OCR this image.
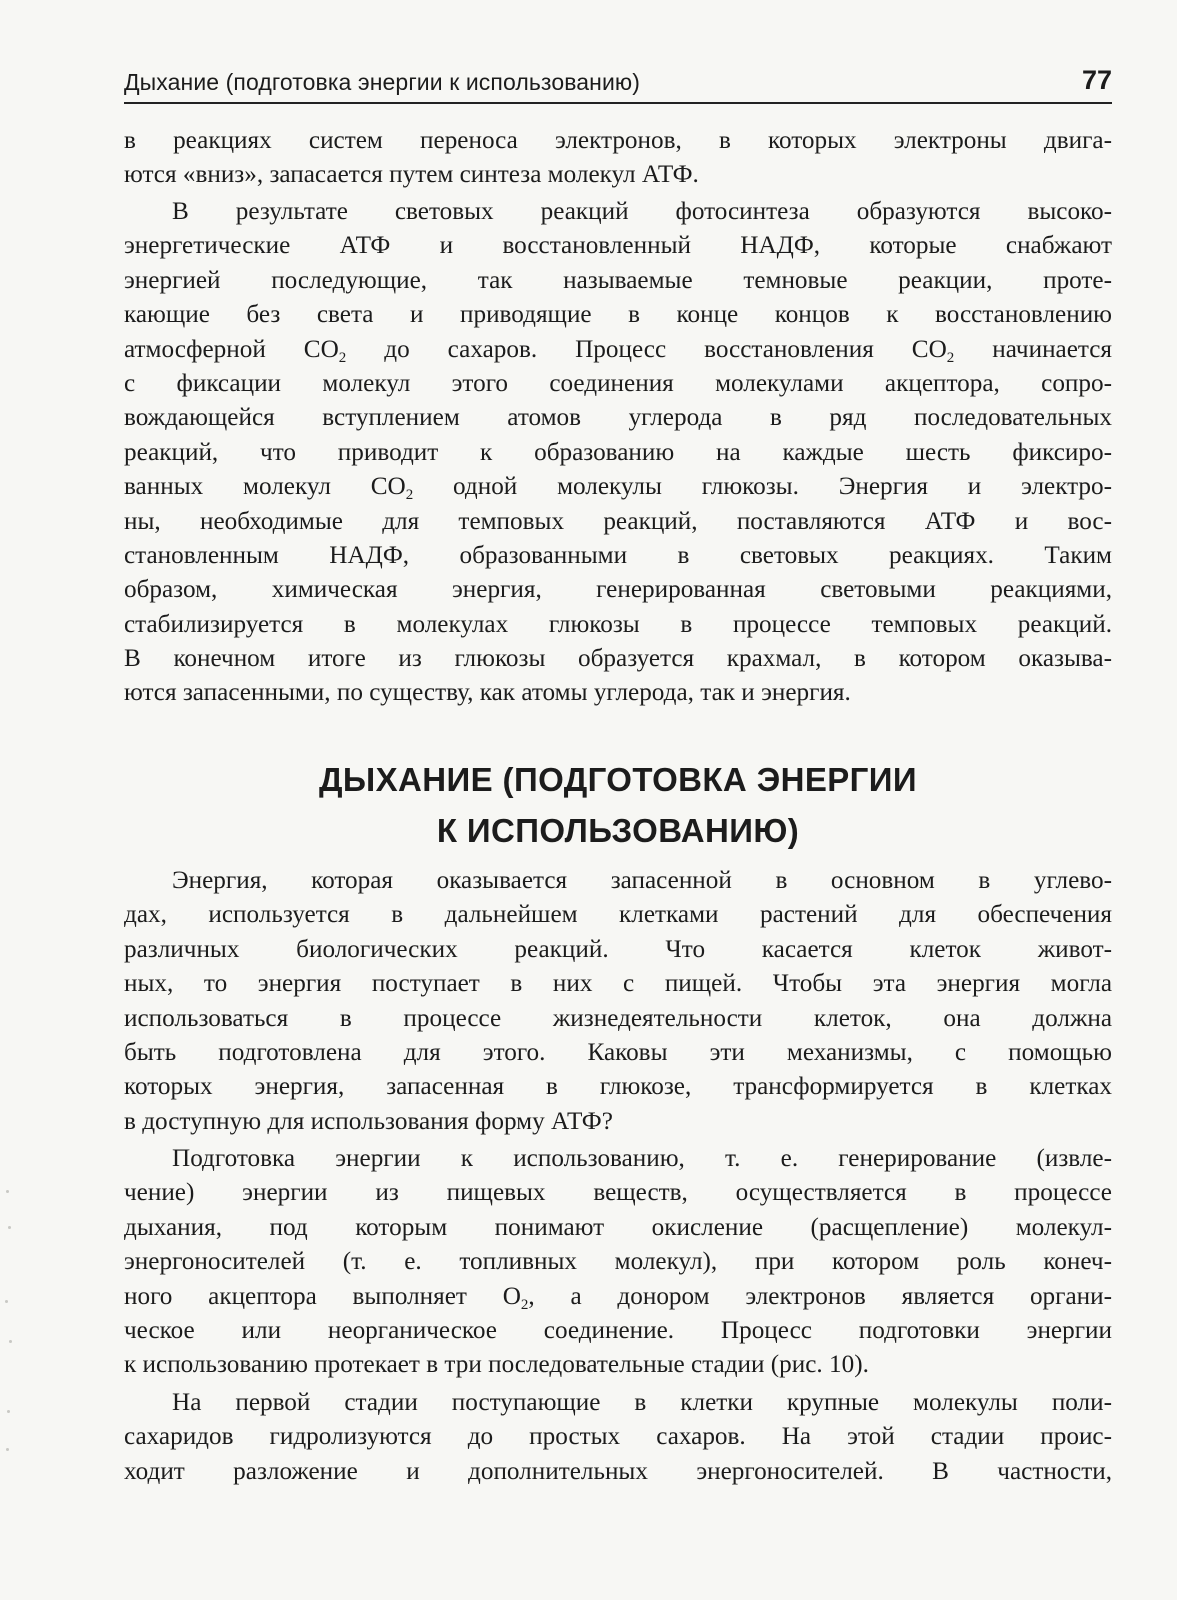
Дыхание (подготовка энергии к использованию)	77
в реакциях систем переноса электронов, в которых электроны двига-
ются «вниз», запасается путем синтеза молекул АТФ.
В результате световых реакций фотосинтеза образуются высоко-
энергетические АТФ и восстановленный НАДФ, которые снабжают
энергией последующие, так называемые темновые реакции, проте-
кающие без света и приводящие в конце концов к восстановлению
атмосферной $CO_2$ до сахаров. Процесс восстановления $CO_2$ начинается
с фиксации молекул этого соединения молекулами акцептора, сопро-
вождающейся вступлением атомов углерода в ряд последовательных
реакций, что приводит к образованию на каждые шесть фиксиро-
ванных молекул $CO_2$ одной молекулы глюкозы. Энергия и электро-
ны, необходимые для темповых реакций, поставляются АТФ и вос-
становленным НАДФ, образованными в световых реакциях. Таким
образом, химическая энергия, генерированная световыми реакциями,
стабилизируется в молекулах глюкозы в процессе темповых реакций.
В конечном итоге из глюкозы образуется крахмал, в котором оказыва-
ются запасенными, по существу, как атомы углерода, так и энергия.
ДЫХАНИЕ (ПОДГОТОВКА ЭНЕРГИИ
К ИСПОЛЬЗОВАНИЮ)
Энергия, которая оказывается запасенной в основном в углево-
дах, используется в дальнейшем клетками растений для обеспечения
различных биологических реакций. Что касается клеток живот-
ных, то энергия поступает в них с пищей. Чтобы эта энергия могла
использоваться в процессе жизнедеятельности клеток, она должна
быть подготовлена для этого. Каковы эти механизмы, с помощью
которых энергия, запасенная в глюкозе, трансформируется в клетках
в доступную для использования форму АТФ?
Подготовка энергии к использованию, т. е. генерирование (извле-
чение) энергии из пищевых веществ, осуществляется в процессе
дыхания, под которым понимают окисление (расщепление) молекул-
энергоносителей (т. е. топливных молекул), при котором роль конеч-
ного акцептора выполняет $O_2$, а донором электронов является органи-
ческое или неорганическое соединение. Процесс подготовки энергии
к использованию протекает в три последовательные стадии (рис. 10).
На первой стадии поступающие в клетки крупные молекулы поли-
сахаридов гидролизуются до простых сахаров. На этой стадии проис-
ходит разложение и дополнительных энергоносителей. В частности,
